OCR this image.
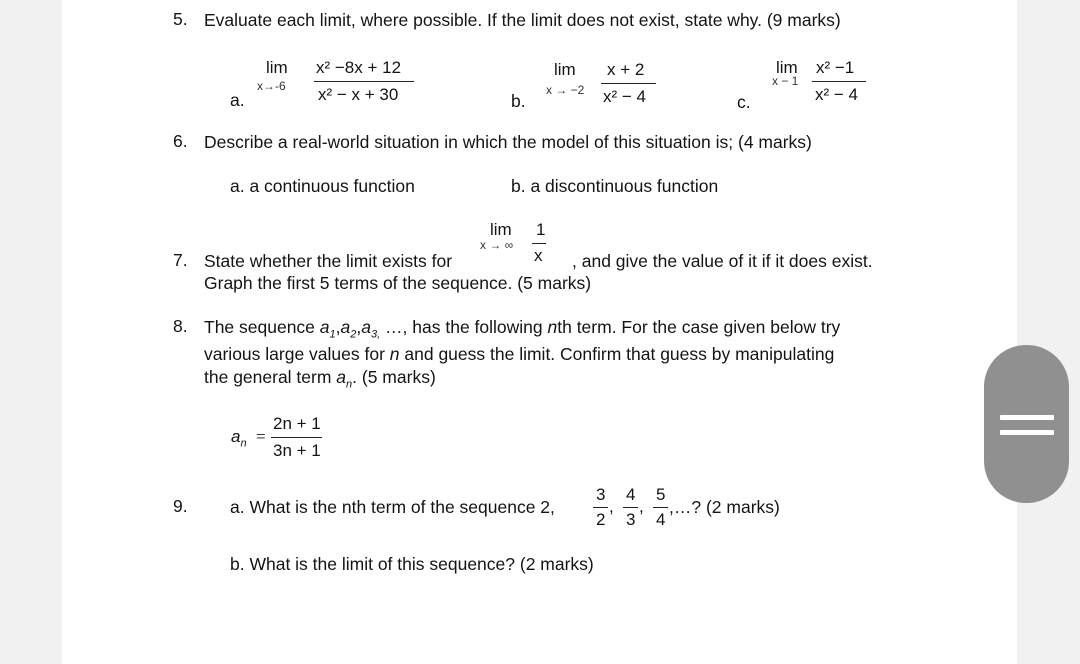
5. Evaluate each limit, where possible. If the limit does not exist, state why. (9 marks)
a.
lim
x→-6
x² −8x + 12
x² − x + 30	b.
lim
x → −2
x + 2
x² − 4	c.
lim
x − 1
x² −1
x² − 4
6. Describe a real-world situation in which the model of this situation is; (4 marks)
a. a continuous function	b. a discontinuous function
lim
x → ∞
1
x
7. State whether the limit exists for	, and give the value of it if it does exist.
Graph the first 5 terms of the sequence. (5 marks)
8. The sequence $a_1,a_2,a_{3,}$ …, has the following nth term. For the case given below try
various large values for n and guess the limit. Confirm that guess by manipulating
the general term $a_n$. (5 marks)
$a_n$ =
2n + 1
3n + 1
9. a. What is the nth term of the sequence 2,
3
2
,
4
3
,
5
4
,…? (2 marks)
b. What is the limit of this sequence? (2 marks)
